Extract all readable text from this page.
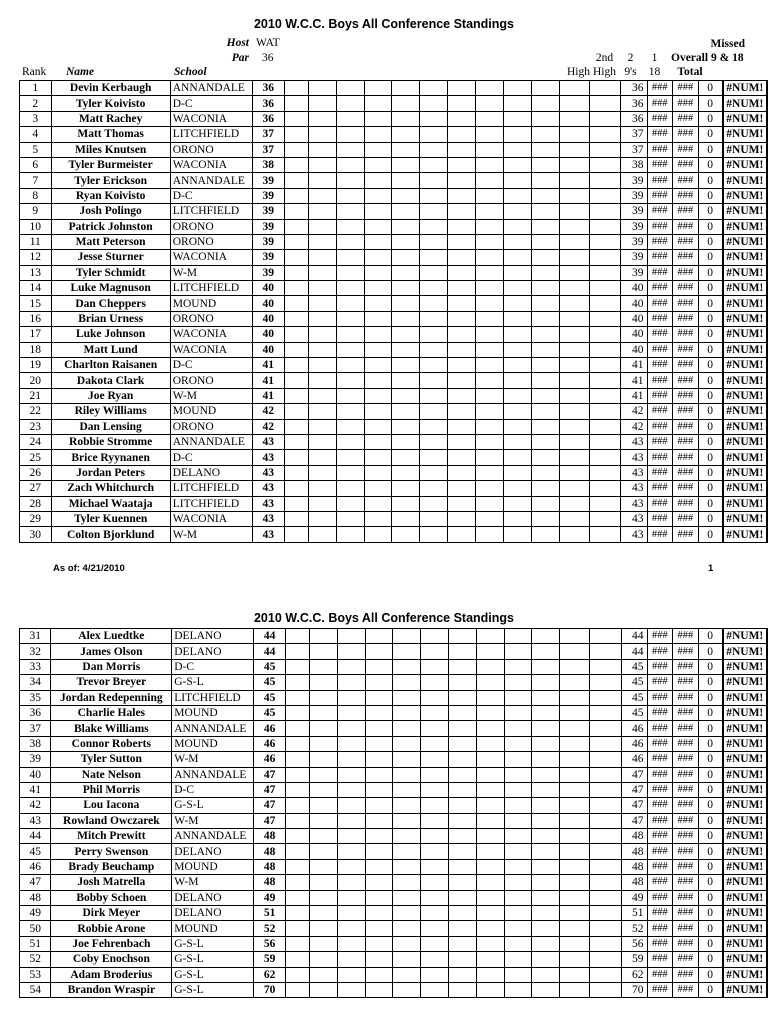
2010 W.C.C. Boys All Conference Standings
Host WAT
Par 36
Missed
2nd	2	1	Overall 9 & 18
Rank Name	School	High High 9's	18	Total
1	Devin Kerbaugh	ANNANDALE	36													36	###	###	0	#NUM!
2	Tyler Koivisto	D-C	36													36	###	###	0	#NUM!
3	Matt Rachey	WACONIA	36													36	###	###	0	#NUM!
4	Matt Thomas	LITCHFIELD	37													37	###	###	0	#NUM!
5	Miles Knutsen	ORONO	37													37	###	###	0	#NUM!
6	Tyler Burmeister	WACONIA	38													38	###	###	0	#NUM!
7	Tyler Erickson	ANNANDALE	39													39	###	###	0	#NUM!
8	Ryan Koivisto	D-C	39													39	###	###	0	#NUM!
9	Josh Polingo	LITCHFIELD	39													39	###	###	0	#NUM!
10	Patrick Johnston	ORONO	39													39	###	###	0	#NUM!
11	Matt Peterson	ORONO	39													39	###	###	0	#NUM!
12	Jesse Sturner	WACONIA	39													39	###	###	0	#NUM!
13	Tyler Schmidt	W-M	39													39	###	###	0	#NUM!
14	Luke Magnuson	LITCHFIELD	40													40	###	###	0	#NUM!
15	Dan Cheppers	MOUND	40													40	###	###	0	#NUM!
16	Brian Urness	ORONO	40													40	###	###	0	#NUM!
17	Luke Johnson	WACONIA	40													40	###	###	0	#NUM!
18	Matt Lund	WACONIA	40													40	###	###	0	#NUM!
19	Charlton Raisanen	D-C	41													41	###	###	0	#NUM!
20	Dakota Clark	ORONO	41													41	###	###	0	#NUM!
21	Joe Ryan	W-M	41													41	###	###	0	#NUM!
22	Riley Williams	MOUND	42													42	###	###	0	#NUM!
23	Dan Lensing	ORONO	42													42	###	###	0	#NUM!
24	Robbie Stromme	ANNANDALE	43													43	###	###	0	#NUM!
25	Brice Ryynanen	D-C	43													43	###	###	0	#NUM!
26	Jordan Peters	DELANO	43													43	###	###	0	#NUM!
27	Zach Whitchurch	LITCHFIELD	43													43	###	###	0	#NUM!
28	Michael Waataja	LITCHFIELD	43													43	###	###	0	#NUM!
29	Tyler Kuennen	WACONIA	43													43	###	###	0	#NUM!
30	Colton Bjorklund	W-M	43													43	###	###	0	#NUM!
As of: 4/21/2010	1
2010 W.C.C. Boys All Conference Standings
31	Alex Luedtke	DELANO	44													44	###	###	0	#NUM!
32	James Olson	DELANO	44													44	###	###	0	#NUM!
33	Dan Morris	D-C	45													45	###	###	0	#NUM!
34	Trevor Breyer	G-S-L	45													45	###	###	0	#NUM!
35	Jordan Redepenning	LITCHFIELD	45													45	###	###	0	#NUM!
36	Charlie Hales	MOUND	45													45	###	###	0	#NUM!
37	Blake Williams	ANNANDALE	46													46	###	###	0	#NUM!
38	Connor Roberts	MOUND	46													46	###	###	0	#NUM!
39	Tyler Sutton	W-M	46													46	###	###	0	#NUM!
40	Nate Nelson	ANNANDALE	47													47	###	###	0	#NUM!
41	Phil Morris	D-C	47													47	###	###	0	#NUM!
42	Lou Iacona	G-S-L	47													47	###	###	0	#NUM!
43	Rowland Owczarek	W-M	47													47	###	###	0	#NUM!
44	Mitch Prewitt	ANNANDALE	48													48	###	###	0	#NUM!
45	Perry Swenson	DELANO	48													48	###	###	0	#NUM!
46	Brady Beuchamp	MOUND	48													48	###	###	0	#NUM!
47	Josh Matrella	W-M	48													48	###	###	0	#NUM!
48	Bobby Schoen	DELANO	49													49	###	###	0	#NUM!
49	Dirk Meyer	DELANO	51													51	###	###	0	#NUM!
50	Robbie Arone	MOUND	52													52	###	###	0	#NUM!
51	Joe Fehrenbach	G-S-L	56													56	###	###	0	#NUM!
52	Coby Enochson	G-S-L	59													59	###	###	0	#NUM!
53	Adam Broderius	G-S-L	62													62	###	###	0	#NUM!
54	Brandon Wraspir	G-S-L	70													70	###	###	0	#NUM!
